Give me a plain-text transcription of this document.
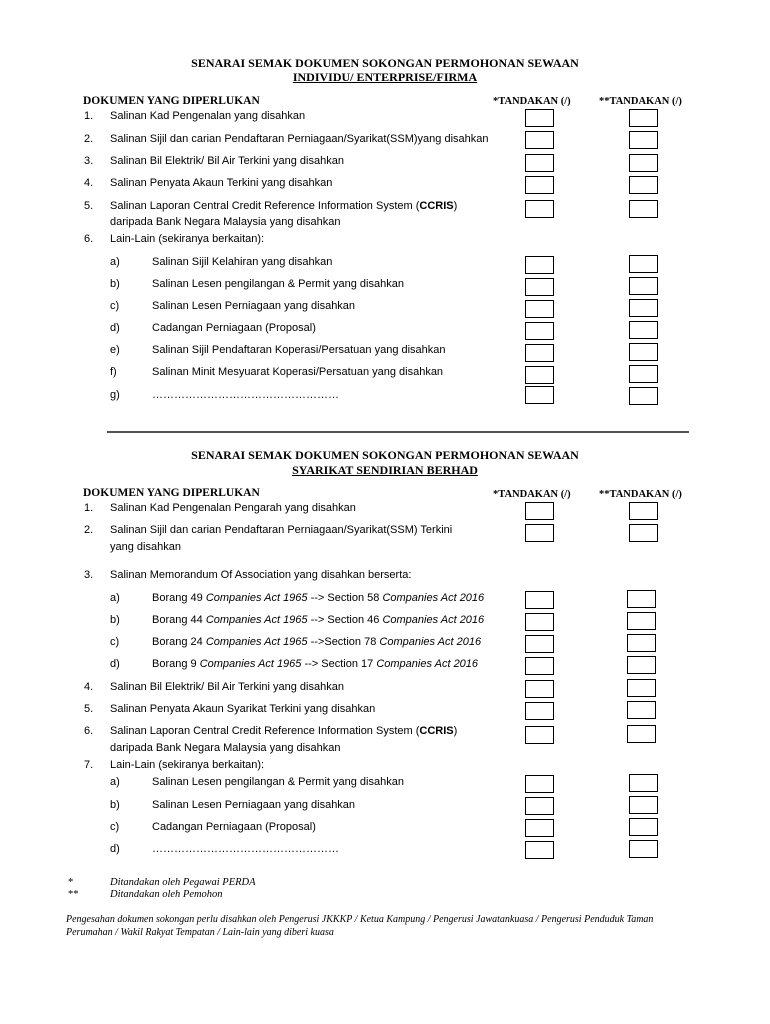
SENARAI SEMAK DOKUMEN SOKONGAN PERMOHONAN SEWAAN
INDIVIDU/ ENTERPRISE/FIRMA
DOKUMEN YANG DIPERLUKAN	*TANDAKAN (/)	**TANDAKAN (/)
1. Salinan Kad Pengenalan yang disahkan
2. Salinan Sijil dan carian Pendaftaran Perniagaan/Syarikat(SSM)yang disahkan
3. Salinan Bil Elektrik/ Bil Air Terkini yang disahkan
4. Salinan Penyata Akaun Terkini yang disahkan
5. Salinan Laporan Central Credit Reference Information System (CCRIS)
daripada Bank Negara Malaysia yang disahkan
6. Lain-Lain (sekiranya berkaitan):
a)	Salinan Sijil Kelahiran yang disahkan
b)	Salinan Lesen pengilangan & Permit yang disahkan
c)	Salinan Lesen Perniagaan yang disahkan
d)	Cadangan Perniagaan (Proposal)
e)	Salinan Sijil Pendaftaran Koperasi/Persatuan yang disahkan
f)	Salinan Minit Mesyuarat Koperasi/Persatuan yang disahkan
g)	……………………………………………
SENARAI SEMAK DOKUMEN SOKONGAN PERMOHONAN SEWAAN
SYARIKAT SENDIRIAN BERHAD
DOKUMEN YANG DIPERLUKAN	*TANDAKAN (/)	**TANDAKAN (/)
1. Salinan Kad Pengenalan Pengarah yang disahkan
2. Salinan Sijil dan carian Pendaftaran Perniagaan/Syarikat(SSM) Terkini
yang disahkan
3. Salinan Memorandum Of Association yang disahkan berserta:
a)	Borang 49 Companies Act 1965 --> Section 58 Companies Act 2016
b)	Borang 44 Companies Act 1965 --> Section 46 Companies Act 2016
c)	Borang 24 Companies Act 1965 -->Section 78 Companies Act 2016
d)	Borang 9 Companies Act 1965 --> Section 17 Companies Act 2016
4. Salinan Bil Elektrik/ Bil Air Terkini yang disahkan
5. Salinan Penyata Akaun Syarikat Terkini yang disahkan
6. Salinan Laporan Central Credit Reference Information System (CCRIS)
daripada Bank Negara Malaysia yang disahkan
7. Lain-Lain (sekiranya berkaitan):
a)	Salinan Lesen pengilangan & Permit yang disahkan
b)	Salinan Lesen Perniagaan yang disahkan
c)	Cadangan Perniagaan (Proposal)
d)	……………………………………………
*	Ditandakan oleh Pegawai PERDA
**	Ditandakan oleh Pemohon
Pengesahan dokumen sokongan perlu disahkan oleh Pengerusi JKKKP / Ketua Kampung / Pengerusi Jawatankuasa / Pengerusi Penduduk Taman
Perumahan / Wakil Rakyat Tempatan / Lain-lain yang diberi kuasa
